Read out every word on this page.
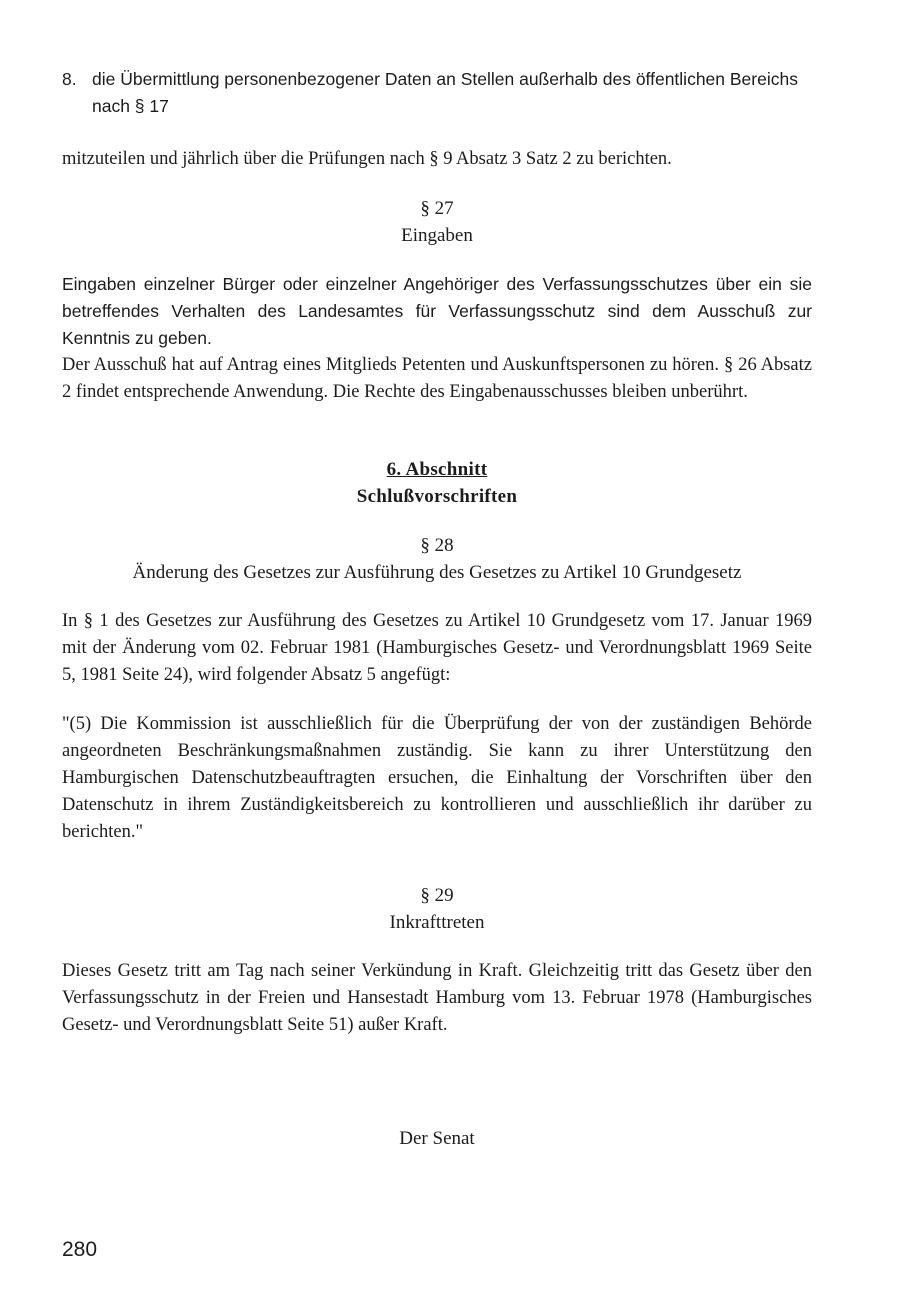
8. die Übermittlung personenbezogener Daten an Stellen außerhalb des öffentlichen Bereichs nach § 17

mitzuteilen und jährlich über die Prüfungen nach § 9 Absatz 3 Satz 2 zu berichten.

§ 27
Eingaben

Eingaben einzelner Bürger oder einzelner Angehöriger des Verfassungsschutzes über ein sie betreffendes Verhalten des Landesamtes für Verfassungsschutz sind dem Ausschuß zur Kenntnis zu geben.

Der Ausschuß hat auf Antrag eines Mitglieds Petenten und Auskunftspersonen zu hören. § 26 Absatz 2 findet entsprechende Anwendung. Die Rechte des Eingabenausschusses bleiben unberührt.

6. Abschnitt
Schlußvorschriften
§ 28
Änderung des Gesetzes zur Ausführung des Gesetzes zu Artikel 10 Grundgesetz

In § 1 des Gesetzes zur Ausführung des Gesetzes zu Artikel 10 Grundgesetz vom 17. Januar 1969 mit der Änderung vom 02. Februar 1981 (Hamburgisches Gesetz- und Verordnungsblatt 1969 Seite 5, 1981 Seite 24), wird folgender Absatz 5 angefügt:

"(5) Die Kommission ist ausschließlich für die Überprüfung der von der zuständigen Behörde angeordneten Beschränkungsmaßnahmen zuständig. Sie kann zu ihrer Unterstützung den Hamburgischen Datenschutzbeauftragten ersuchen, die Einhaltung der Vorschriften über den Datenschutz in ihrem Zuständigkeitsbereich zu kontrollieren und ausschließlich ihr darüber zu berichten."

§ 29
Inkrafttreten

Dieses Gesetz tritt am Tag nach seiner Verkündung in Kraft. Gleichzeitig tritt das Gesetz über den Verfassungsschutz in der Freien und Hansestadt Hamburg vom 13. Februar 1978 (Hamburgisches Gesetz- und Verordnungsblatt Seite 51) außer Kraft.

Der Senat
280
